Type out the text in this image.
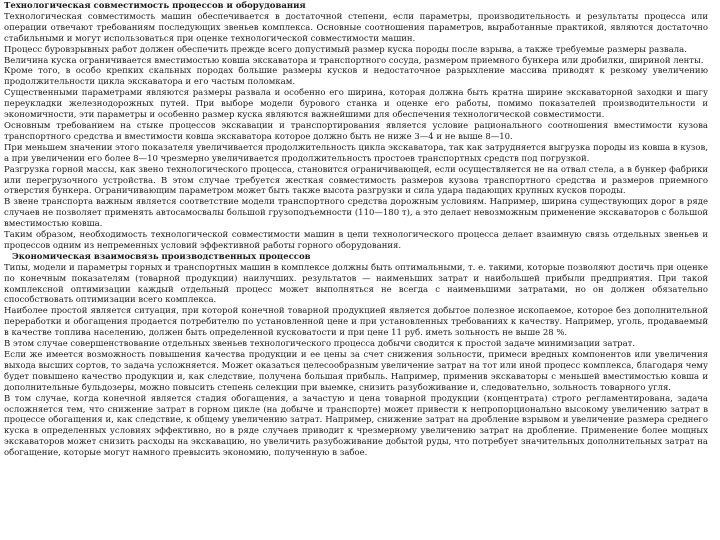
Технологическая совместимость процессов и оборудования

Технологическая совместимость машин обеспечивается в достаточной степени, если параметры, производительность и результаты процесса или операции отвечают требованиям последующих звеньев комплекса. Основные соотношения параметров, выработанные практикой, являются достаточно стабильными и могут использоваться при оценке технологической совместимости машин.

Процесс буровзрывных работ должен обеспечить прежде всего допустимый размер куска породы после взрыва, а также требуемые размеры развала.

Величина куска ограничивается вместимостью ковша экскаватора и транспортного сосуда, размером приемного бункера или дробилки, шириной ленты.

Кроме того, в особо крепких скальных породах большие размеры кусков и недостаточное разрыхление массива приводят к резкому увеличению продолжительности цикла экскаватора и его частым поломкам.

Существенными параметрами являются размеры развала и особенно его ширина, которая должна быть кратна ширине экскаваторной заходки и шагу переукладки железнодорожных путей. При выборе модели бурового станка и оценке его работы, помимо показателей производительности и экономичности, эти параметры и особенно размер куска являются важнейшими для обеспечения технологической совместимости.

Основным требованием на стыке процессов экскавации и транспортирования является условие рационального соотношения вместимости кузова транспортного средства и вместимости ковша экскаватора которое должно быть не ниже 3—4 и не выше 8—10.

При меньшем значении этого показателя увеличивается продолжительность цикла экскаватора, так как затрудняется выгрузка породы из ковша в кузов, а при увеличении его более 8—10 чрезмерно увеличивается продолжительность простоев транспортных средств под погрузкой.

Разгрузка горной массы, как звено технологического процесса, становится ограничивающей, если осуществляется не на отвал стела, а в бункер фабрики или перегрузочного устройства. В этом случае требуется жесткая совместимость размеров кузова транспортного средства и размеров приемного отверстия бункера. Ограничивающим параметром может быть также высота разгрузки и сила удара падающих крупных кусков породы.

В звене транспорта важным является соответствие модели транспортного средства дорожным условиям. Например, ширина существующих дорог в ряде случаев не позволяет применять автосамосвалы большой грузоподъемности (110—180 т), а это делает невозможным применение экскаваторов с большой вместимостью ковша.

Таким образом, необходимость технологической совместимости машин в цепи технологического процесса делает взаимную связь отдельных звеньев и процессов одним из непременных условий эффективной работы горного оборудования.

Экономическая взаимосвязь производственных процессов

Типы, модели и параметры горных и транспортных машин в комплексе должны быть оптимальными, т. е. такими, которые позволяют достичь при оценке по конечным показателям (товарной продукции) наилучших. результатов — наименьших затрат и наибольшей прибыли предприятия. При такой комплексной оптимизации каждый отдельный процесс может выполняться не всегда с наименьшими затратами, но он должен обязательно способствовать оптимизации всего комплекса.

Наиболее простой является ситуация, при которой конечной товарной продукцией является добытое полезное ископаемое, которое без дополнительной переработки и обогащения продается потребителю по установленной цене и при установленных требованиях к качеству. Например, уголь, продаваемый в качестве топлива населению, должен быть определенной кусковатости и при цене 11 руб. иметь зольность не выше 28 %.

В этом случае совершенствование отдельных звеньев технологического процесса добычи сводится к простой задаче минимизации затрат.

Если же имеется возможность повышения качества продукции и ее цены за счет снижения зольности, примеси вредных компонентов или увеличения выхода высших сортов, то задача усложняется. Может оказаться целесообразным увеличение затрат на тот или иной процесс комплекса, благодаря чему будет повышено качество продукции и, как следствие, получена большая прибыль. Например, применив экскаваторы с меньшей вместимостью ковша и дополнительные бульдозеры, можно повысить степень селекции при выемке, снизить разубоживание и, следовательно, зольность товарного угля.

В том случае, когда конечной является стадия обогащения, а зачастую и цена товарной продукции (концентрата) строго регламентирована, задача осложняется тем, что снижение затрат в горном цикле (на добыче и транспорте) может привести к непропорционально высокому увеличению затрат в процессе обогащения и, как следствие, к общему увеличению затрат. Например, снижение затрат на дробление взрывом и увеличение размера среднего куска в определенных условиях эффективно, но в ряде случаев приводит к чрезмерному увеличению затрат на дробление. Применение более мощных экскаваторов может снизить расходы на экскавацию, но увеличить разубоживание добытой руды, что потребует значительных дополнительных затрат на обогащение, которые могут намного превысить экономию, полученную в забое.
